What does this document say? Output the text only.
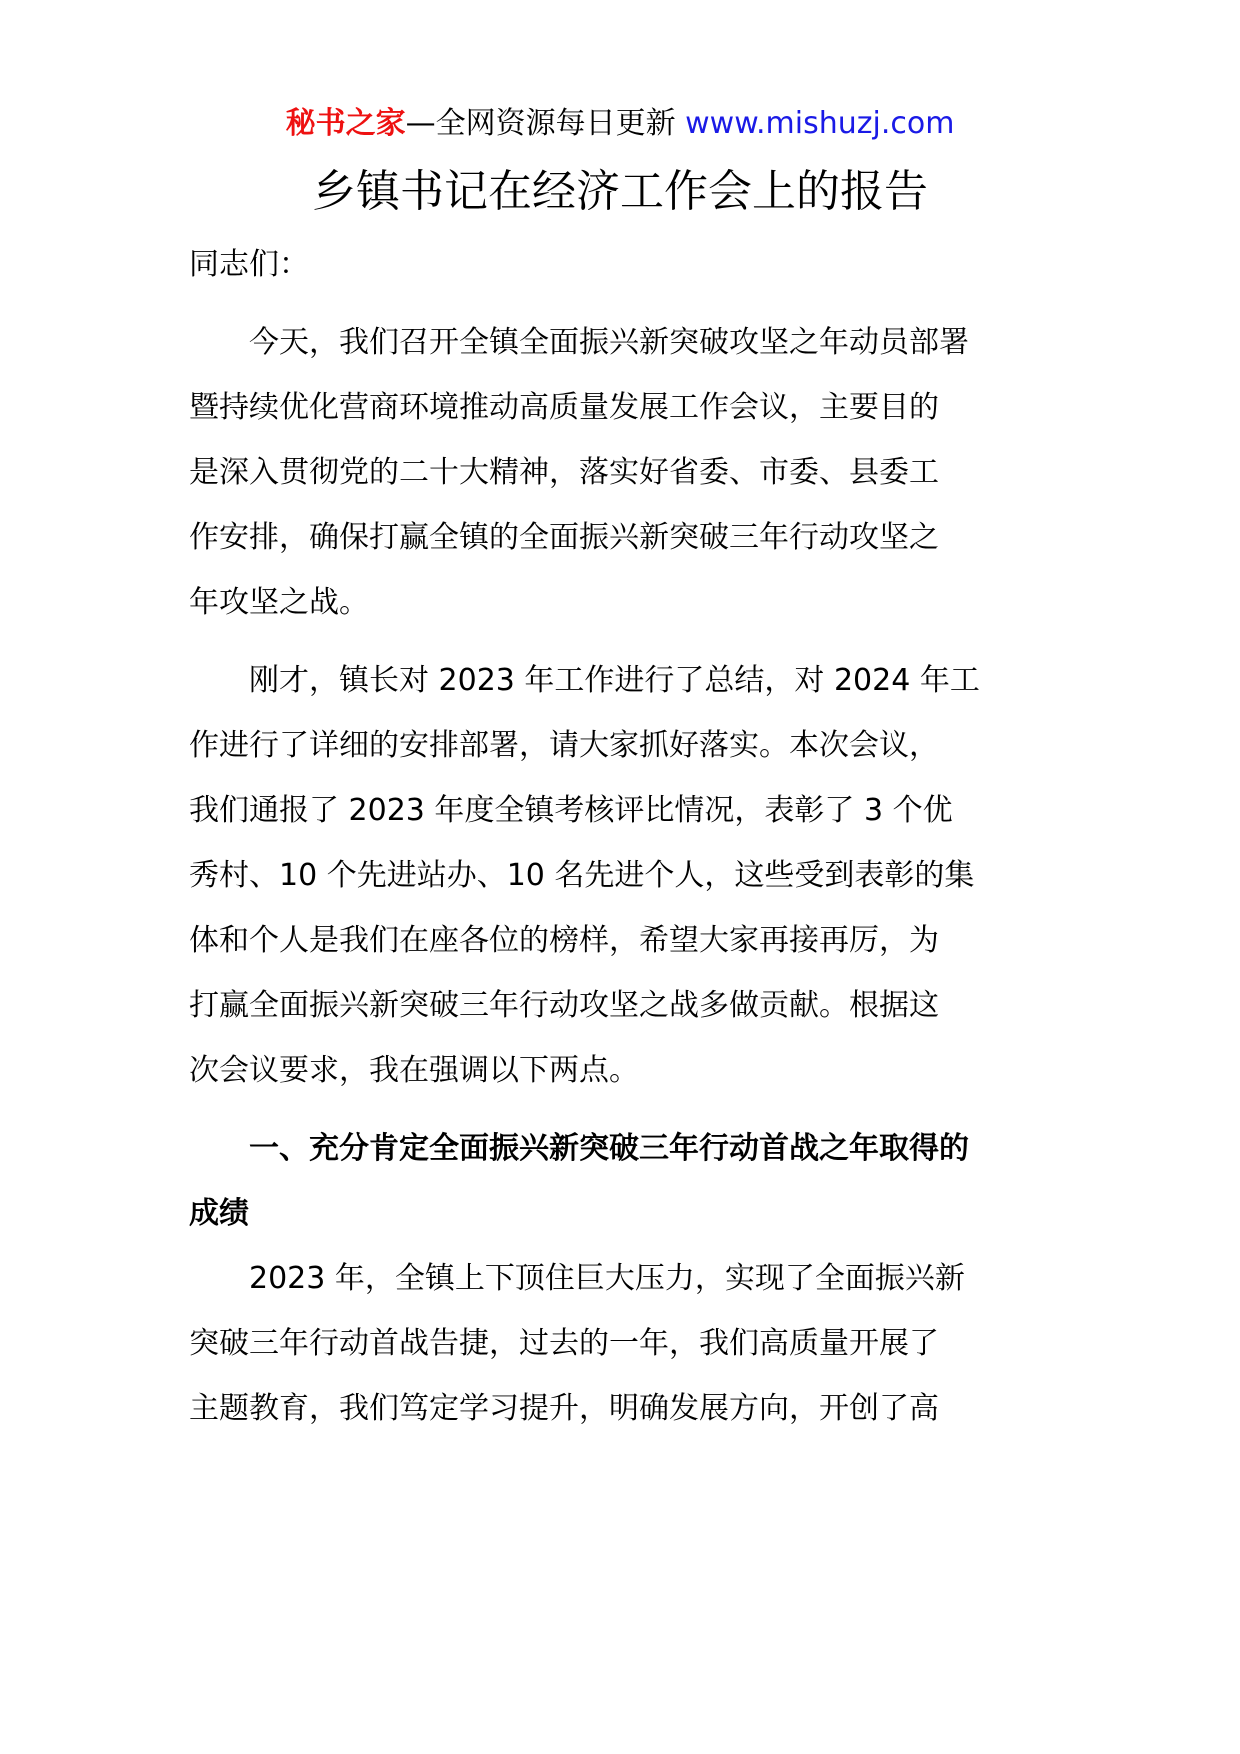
秘书之家—全网资源每日更新 www.mishuzj.com
乡镇书记在经济工作会上的报告

同志们：

　　今天，我们召开全镇全面振兴新突破攻坚之年动员部署

暨持续优化营商环境推动高质量发展工作会议，主要目的

是深入贯彻党的二十大精神，落实好省委、市委、县委工

作安排，确保打赢全镇的全面振兴新突破三年行动攻坚之

年攻坚之战。

　　刚才，镇长对 2023 年工作进行了总结，对 2024 年工

作进行了详细的安排部署，请大家抓好落实。本次会议，

我们通报了 2023 年度全镇考核评比情况，表彰了 3 个优

秀村、10 个先进站办、10 名先进个人，这些受到表彰的集

体和个人是我们在座各位的榜样，希望大家再接再厉，为

打赢全面振兴新突破三年行动攻坚之战多做贡献。根据这

次会议要求，我在强调以下两点。

　　一、充分肯定全面振兴新突破三年行动首战之年取得的

成绩

　　2023 年，全镇上下顶住巨大压力，实现了全面振兴新

突破三年行动首战告捷，过去的一年，我们高质量开展了

主题教育，我们笃定学习提升，明确发展方向，开创了高
